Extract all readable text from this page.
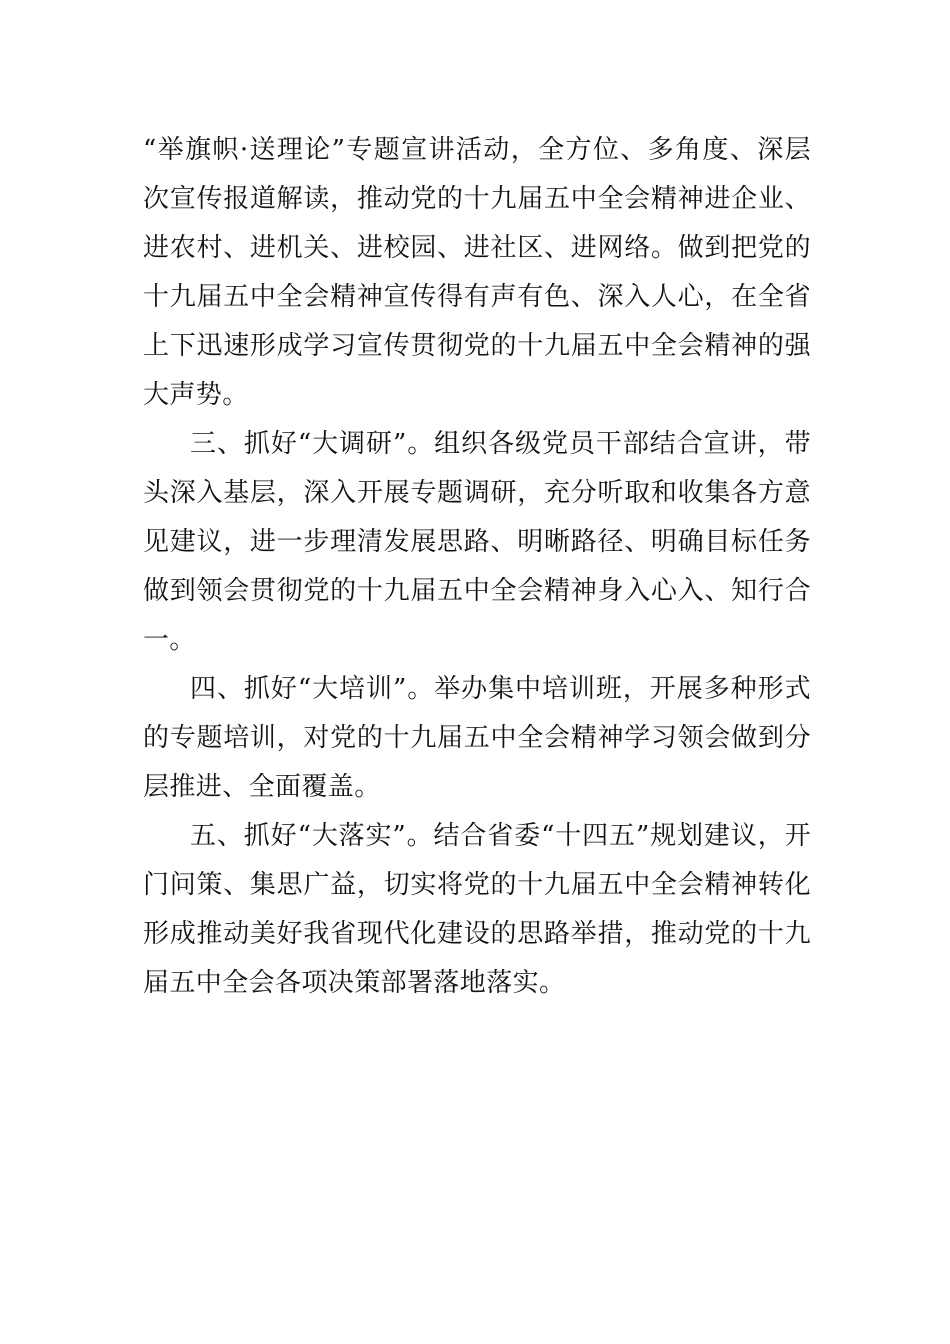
“举旗帜·送理论”专题宣讲活动，全方位、多角度、深层次宣传报道解读，推动党的十九届五中全会精神进企业、进农村、进机关、进校园、进社区、进网络。做到把党的十九届五中全会精神宣传得有声有色、深入人心，在全省上下迅速形成学习宣传贯彻党的十九届五中全会精神的强大声势。

三、抓好“大调研”。组织各级党员干部结合宣讲，带头深入基层，深入开展专题调研，充分听取和收集各方意见建议，进一步理清发展思路、明晰路径、明确目标任务做到领会贯彻党的十九届五中全会精神身入心入、知行合一。

四、抓好“大培训”。举办集中培训班，开展多种形式的专题培训，对党的十九届五中全会精神学习领会做到分层推进、全面覆盖。

五、抓好“大落实”。结合省委“十四五”规划建议，开门问策、集思广益，切实将党的十九届五中全会精神转化形成推动美好我省现代化建设的思路举措，推动党的十九届五中全会各项决策部署落地落实。
